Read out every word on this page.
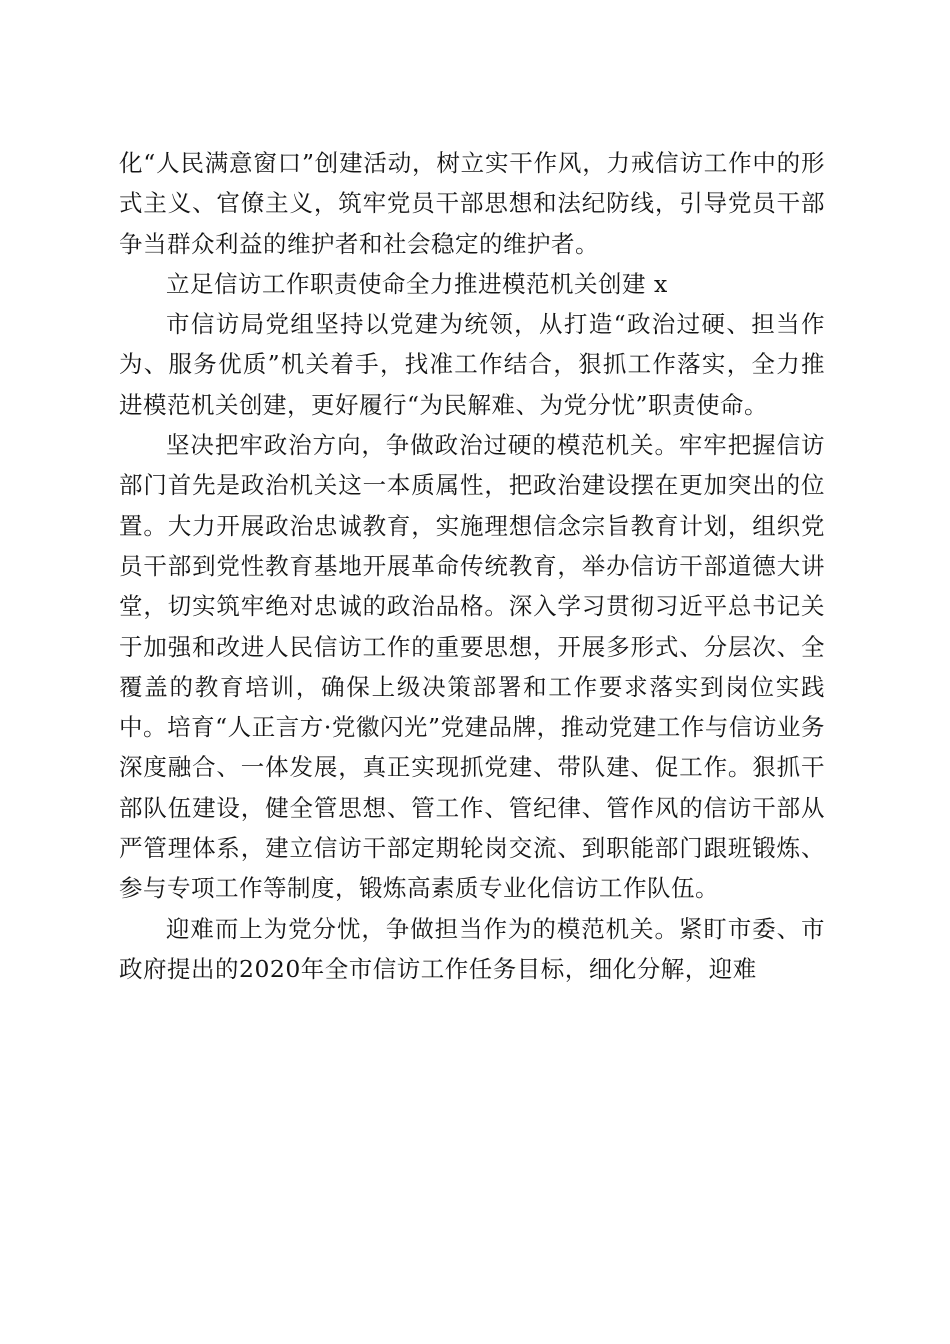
化“人民满意窗口”创建活动，树立实干作风，力戒信访工作中的形式主义、官僚主义，筑牢党员干部思想和法纪防线，引导党员干部争当群众利益的维护者和社会稳定的维护者。

立足信访工作职责使命全力推进模范机关创建 x

市信访局党组坚持以党建为统领，从打造“政治过硬、担当作为、服务优质”机关着手，找准工作结合，狠抓工作落实，全力推进模范机关创建，更好履行“为民解难、为党分忧”职责使命。

坚决把牢政治方向，争做政治过硬的模范机关。牢牢把握信访部门首先是政治机关这一本质属性，把政治建设摆在更加突出的位置。大力开展政治忠诚教育，实施理想信念宗旨教育计划，组织党员干部到党性教育基地开展革命传统教育，举办信访干部道德大讲堂，切实筑牢绝对忠诚的政治品格。深入学习贯彻习近平总书记关于加强和改进人民信访工作的重要思想，开展多形式、分层次、全覆盖的教育培训，确保上级决策部署和工作要求落实到岗位实践中。培育“人正言方·党徽闪光”党建品牌，推动党建工作与信访业务深度融合、一体发展，真正实现抓党建、带队建、促工作。狠抓干部队伍建设，健全管思想、管工作、管纪律、管作风的信访干部从严管理体系，建立信访干部定期轮岗交流、到职能部门跟班锻炼、参与专项工作等制度，锻炼高素质专业化信访工作队伍。

迎难而上为党分忧，争做担当作为的模范机关。紧盯市委、市政府提出的2020年全市信访工作任务目标，细化分解，迎难
